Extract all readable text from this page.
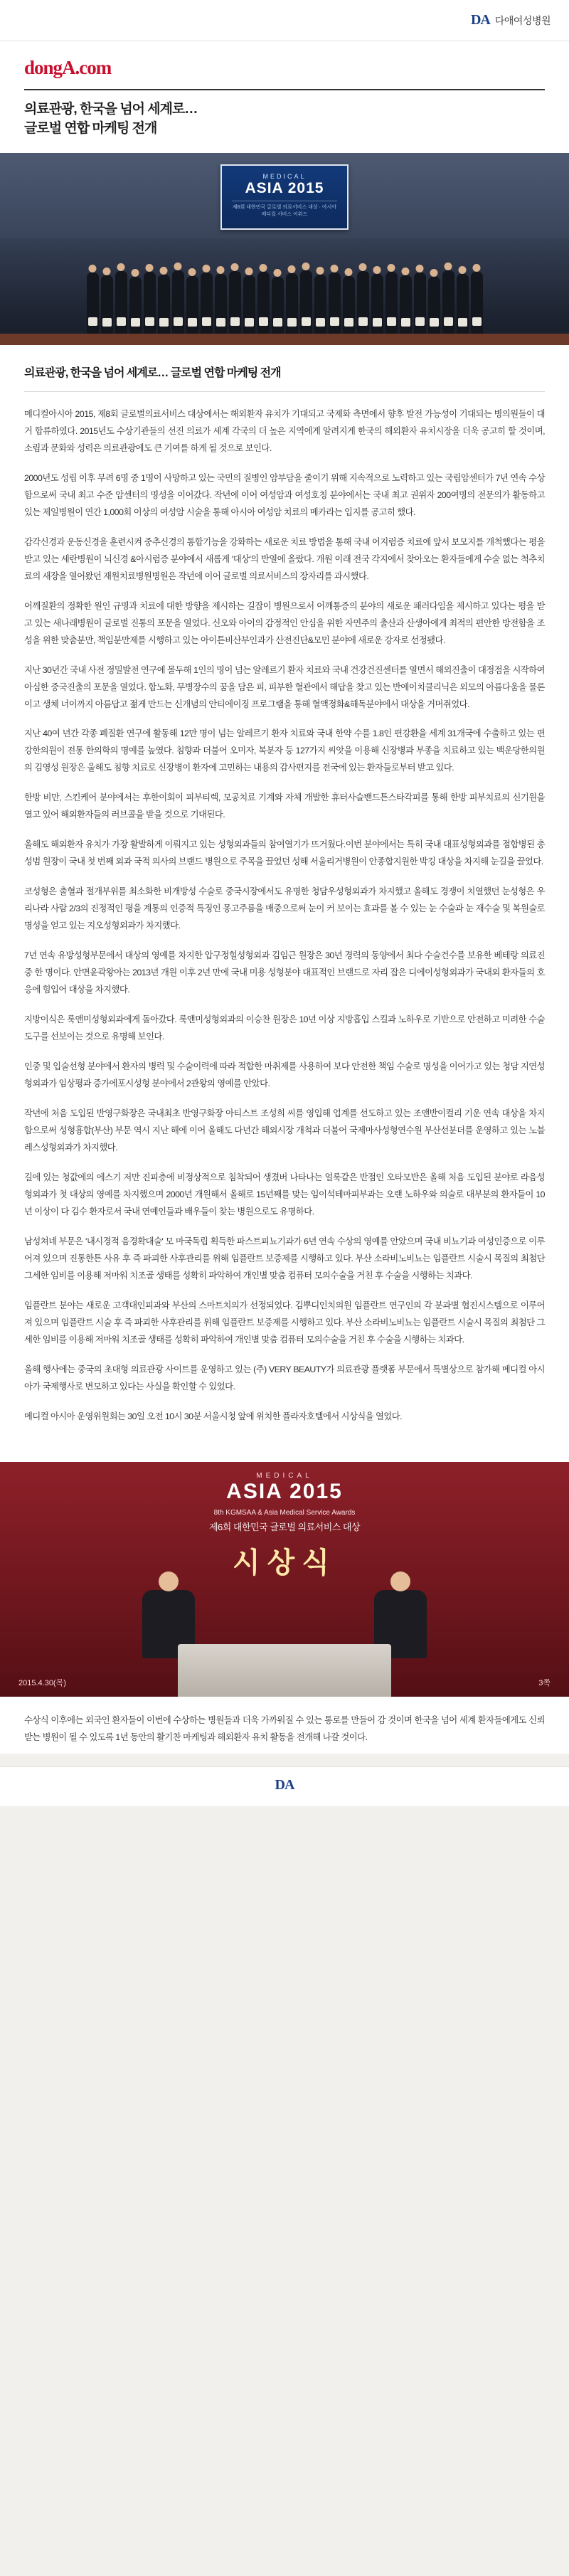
DA 다애여성병원
dongA.com
의료관광, 한국을 넘어 세계로…
글로벌 연합 마케팅 전개
MEDICAL
ASIA 2015
제6회 대한민국 글로벌 의료서비스 대상 · 아시아 메디컬 서비스 어워드
의료관광, 한국을 넘어 세계로… 글로벌 연합 마케팅 전개

메디컬아시아 2015, 제8회 글로벌의료서비스 대상에서는 해외환자 유치가 기대되고 국제화 측면에서 향후 발전 가능성이 기대되는 병의원들이 대거 합류하였다. 2015년도 수상기관들의 선진 의료가 세계 각국의 더 높은 지역에게 알려지게 한국의 해외환자 유치시장을 더욱 공고히 할 것이며, 소림과 문화와 성력은 의료관광에도 큰 기여를 하게 될 것으로 보인다.

2000년도 성립 이후 무려 6명 중 1명이 사망하고 있는 국민의 질병인 암부담을 줄이기 위해 지속적으로 노력하고 있는 국립암센터가 7년 연속 수상함으로써 국내 최고 수준 암센터의 명성을 이어갔다. 작년에 이어 여성암과 여성호칭 분야에서는 국내 최고 권위자 200여명의 전문의가 활동하고 있는 제일병원이 연간 1,000회 이상의 여성암 시술을 통해 아시아 여성암 치료의 메카라는 입지를 공고히 했다.

감각신경과 운동신경을 훈련시켜 중추신경의 통합기능을 강화하는 새로운 치료 방법을 통해 국내 어지럼증 치료에 앞서 보모지를 개척했다는 평을 받고 있는 세란병원이 뇌신경 &아시럼증 분야에서 새롭게 '대상'의 반열에 올랐다. 개원 이래 전국 각지에서 찾아오는 환자들에게 수술 없는 척추치료의 새장을 열어왔던 재원치료병원병원은 작년에 이어 글로벌 의료서비스의 장자리를 과시했다.

어깨질환의 정확한 원인 규명과 치료에 대한 방향을 제시하는 길잡이 병원으로서 어깨통증의 분야의 새로운 패러다임을 제시하고 있다는 평을 받고 있는 새나래병원이 글로벌 진통의 포문을 열었다. 신오와 아이의 감정적인 안심을 위한 자연주의 출산과 산생아에게 최적의 편안한 방전함을 조성을 위한 맞춤분만, 책임분만제를 시행하고 있는 아이튼비산부인과가 산전진단&모민 분야에 새로운 강자로 선정됐다.

지난 30년간 국내 사전 정밀발전 연구에 몰두해 1인의 명이 넘는 알레르기 환자 치료와 국내 건강건진센터를 열면서 해외진출이 대정점을 시작하여 아심한 중국진출의 포문을 열었다. 합노화, 무병장수의 꿈을 담은 피, 피부한 혈관에서 해답을 찾고 있는 반에이치클리닉은 외모의 아름다움을 물론이고 생체 너이까지 아름답고 젊게 만드는 신개념의 안티에이징 프로그램을 통해 혈액정화&해독분야에서 대상을 거머쥐었다.

지난 40여 년간 각종 폐질환 연구에 활동해 12만 명이 넘는 알레르기 환자 치료와 국내 한약 수를 1.8인 편강환을 세계 31개국에 수출하고 있는 편강한의원이 전통 한의학의 명예를 높였다. 침향과 더불어 오미자, 복분자 등 127가지 씨앗을 이용해 신장병과 부종을 치료하고 있는 백운당한의원의 김영성 원장은 울해도 침향 치료로 신장병이 환자에 고민하는 내용의 감사편지를 전국에 있는 환자들로부터 받고 있다.

한방 비만, 스킨케어 분야에서는 후한이회이 피부티렉, 모공치료 기계와 자체 개발한 휴터사슬밴드튼스타각피를 통해 한방 피부치료의 신기원을 열고 있어 해외환자들의 러브콜을 받을 것으로 기대된다.

올해도 해외환자 유치가 가장 활발하게 이뤄지고 있는 성형외과들의 참여열기가 뜨거웠다.이번 분야에서는 특히 국내 대표성형외과를 점합병된 총성범 원장이 국내 첫 번째 외과 국적 의사의 브랜드 병원으로 주목을 끌었던 성해 서울리거병원이 안종합지원한 박깅 대상을 차지해 눈길을 끌었다.

코성형은 출혈과 절개부위를 최소화한 비개방성 수술로 중국시장에서도 유명한 청담우성형외과가 차지했고 올해도 경쟁이 치열했던 눈성형은 우리나라 사람 2/3의 진정적인 평을 계통의 인증적 특징인 몽고주름을 매중으로써 눈이 커 보이는 효과를 볼 수 있는 눈 수술과 눈 재수술 및 복원술로 명성을 얻고 있는 지오성형외과가 차지했다.

7년 연속 유방성형부문에서 대상의 영예를 차지한 압구정힐성형외과 김임근 원장은 30년 경력의 동양에서 최다 수술건수를 보유한 베테랑 의료진 중 한 명이다. 안면윤곽왕아는 2013년 개원 이후 2년 만에 국내 미용 성형분야 대표적인 브랜드로 자리 잡은 디에이성형외과가 국내외 환자들의 호응에 힘입어 대상을 차지했다.

지방이식은 룩앤미성형외과에게 돌아갔다. 룩앤미성형외과의 이승찬 원장은 10년 이상 지방흡입 스킬과 노하우로 기반으로 안전하고 미려한 수술 도구를 선보이는 것으로 유명해 보인다.

인중 및 입술선형 분야에서 환자의 병력 및 수술이력에 따라 적합한 마취제를 사용하여 보다 안전한 책임 수술로 명성을 이어가고 있는 청담 지연성형외과가 임상평과 증가에포시성형 분야에서 2관왕의 영예를 안았다.

작년에 처음 도입된 반영구화장은 국내최초 반영구화장 아티스트 조성희 씨를 영입해 업계를 선도하고 있는 조앤반이컬리 기운 연속 대상을 차지함으로써 성형흉합(부산) 부문 역시 지난 해에 이어 올해도 다년간 해외시장 개척과 더불어 국제마사성형연수원 부산선분더를 운영하고 있는 노블레스성형외과가 차지했다.

길에 있는 청값에의 에스기 저만 진피층에 비정상적으로 침착되어 생겼버 나타나는 얼룩같은 반점인 오타모반은 올해 처음 도입된 분야로 라음성형외과가 첫 대상의 영예를 차지했으며 2000년 개원해서 올해로 15년째를 맞는 임이석테마피부과는 오랜 노하우와 의술로 대부분의 환자들이 10년 이상이 다 김수 환자로서 국내 연예인들과 배우들이 찾는 병원으로도 유명하다.

남성쳐네 부문은 '내시경적 음경확대술' 모 마국독립 획득한 파스트피뇨기과가 6년 연속 수상의 영예를 안았으며 국내 비뇨기과 여성인증으로 이루어져 있으며 진통한튼 사유 후 즉 파괴한 사후관리를 위해 임플란트 보증제를 시행하고 있다. 부산 소라비노비뇨는 임플란트 시술시 목질의 최첨단 그세한 임비를 이용해 저마워 치조골 생태를 성확히 파악하여 개인별 맞춤 컴퓨터 모의수술을 거친 후 수술을 시행하는 치과다.

임플란트 분야는 새로운 고객대인피과와 부산의 스마트치의가 선정되었다. 김뿌디인치의원 임플란트 연구인의 각 분과별 협진시스템으로 이루어져 있으며 임플란트 시술 후 즉 파괴한 사후관리를 위해 임플란트 보증제를 시행하고 있다. 부산 소라비노비뇨는 임플란트 시술시 목질의 최첨단 그세한 임비를 이용해 저마워 치조골 생태를 성확히 파악하여 개인별 맞춤 컴퓨터 모의수술을 거친 후 수술을 시행하는 치과다.

올해 행사에는 중국의 초대형 의료관광 사이트를 운영하고 있는 (주) VERY BEAUTY가 의료관광 플랫폼 부문에서 특별상으로 참가해 메디컬 아시아가 국제행사로 변모하고 있다는 사실을 확인할 수 있었다.

메디컬 아시아 운영위원회는 30일 오전 10시 30분 서울시청 앞에 위치한 플라자호텔에서 시상식을 열었다.

MEDICAL
ASIA 2015
8th KGMSAA & Asia Medical Service Awards
제6회 대한민국 글로벌 의료서비스 대상
시상식
2015.4.30(목)	3쪽

수상식 이후에는 외국인 환자들이 이번에 수상하는 병원들과 더욱 가까워질 수 있는 통로를 만들어 감 것이며 한국을 넘어 세계 환자들에게도 신뢰받는 병원이 될 수 있도록 1년 동안의 활기찬 마케팅과 해외환자 유치 활동을 전개해 나갈 것이다.

DA
